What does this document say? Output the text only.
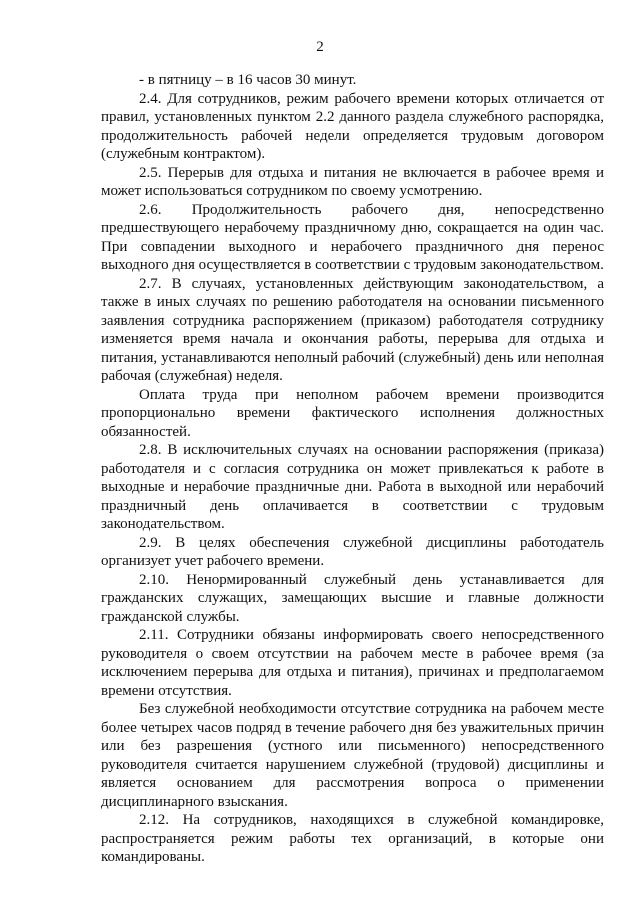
2

- в пятницу – в 16 часов 30 минут.

2.4. Для сотрудников, режим рабочего времени которых отличается от правил, установленных пунктом 2.2 данного раздела служебного распорядка, продолжительность рабочей недели определяется трудовым договором (служебным контрактом).

2.5. Перерыв для отдыха и питания не включается в рабочее время и может использоваться сотрудником по своему усмотрению.

2.6. Продолжительность рабочего дня, непосредственно предшествующего нерабочему праздничному дню, сокращается на один час. При совпадении выходного и нерабочего праздничного дня перенос выходного дня осуществляется в соответствии с трудовым законодательством.

2.7. В случаях, установленных действующим законодательством, а также в иных случаях по решению работодателя на основании письменного заявления сотрудника распоряжением (приказом) работодателя сотруднику изменяется время начала и окончания работы, перерыва для отдыха и питания, устанавливаются неполный рабочий (служебный) день или неполная рабочая (служебная) неделя.

Оплата труда при неполном рабочем времени производится пропорционально времени фактического исполнения должностных обязанностей.

2.8. В исключительных случаях на основании распоряжения (приказа) работодателя и с согласия сотрудника он может привлекаться к работе в выходные и нерабочие праздничные дни. Работа в выходной или нерабочий праздничный день оплачивается в соответствии с трудовым законодательством.

2.9. В целях обеспечения служебной дисциплины работодатель организует учет рабочего времени.

2.10. Ненормированный служебный день устанавливается для гражданских служащих, замещающих высшие и главные должности гражданской службы.

2.11. Сотрудники обязаны информировать своего непосредственного руководителя о своем отсутствии на рабочем месте в рабочее время (за исключением перерыва для отдыха и питания), причинах и предполагаемом времени отсутствия.

Без служебной необходимости отсутствие сотрудника на рабочем месте более четырех часов подряд в течение рабочего дня без уважительных причин или без разрешения (устного или письменного) непосредственного руководителя считается нарушением служебной (трудовой) дисциплины и является основанием для рассмотрения вопроса о применении дисциплинарного взыскания.

2.12. На сотрудников, находящихся в служебной командировке, распространяется режим работы тех организаций, в которые они командированы.
